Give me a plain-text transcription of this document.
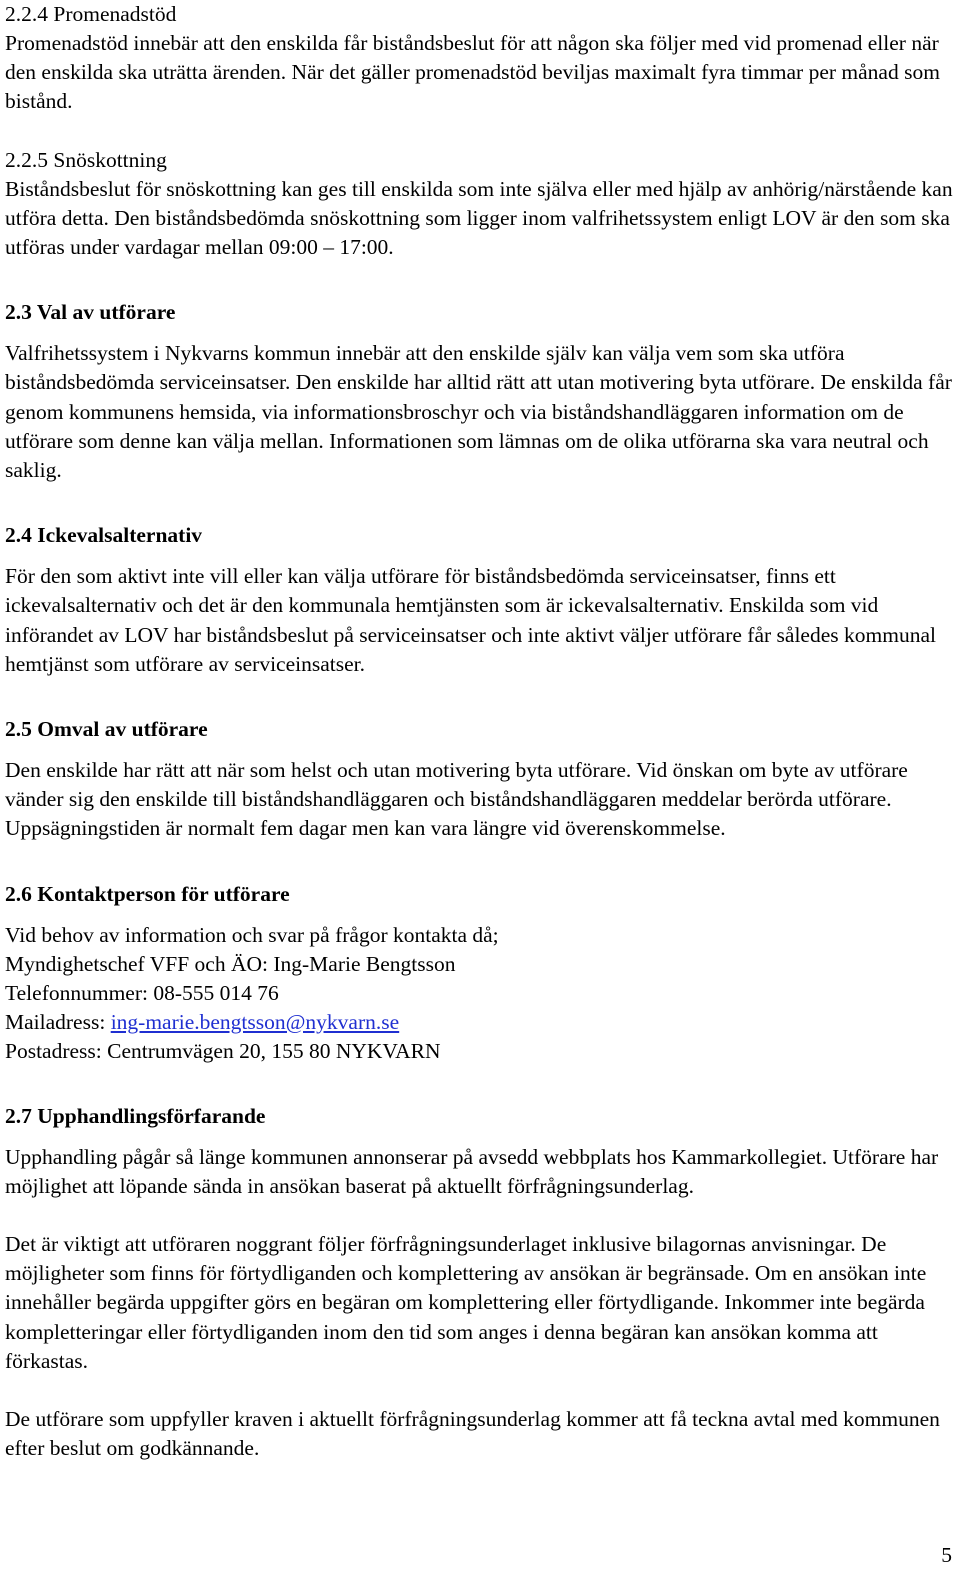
2.2.4 Promenadstöd

Promenadstöd innebär att den enskilda får biståndsbeslut för att någon ska följer med vid promenad eller när den enskilda ska uträtta ärenden. När det gäller promenadstöd beviljas maximalt fyra timmar per månad som bistånd.

2.2.5 Snöskottning

Biståndsbeslut för snöskottning kan ges till enskilda som inte själva eller med hjälp av anhörig/närstående kan utföra detta. Den biståndsbedömda snöskottning som ligger inom valfrihetssystem enligt LOV är den som ska utföras under vardagar mellan 09:00 – 17:00.

2.3 Val av utförare

Valfrihetssystem i Nykvarns kommun innebär att den enskilde själv kan välja vem som ska utföra biståndsbedömda serviceinsatser. Den enskilde har alltid rätt att utan motivering byta utförare. De enskilda får genom kommunens hemsida, via informationsbroschyr och via biståndshandläggaren information om de utförare som denne kan välja mellan. Informationen som lämnas om de olika utförarna ska vara neutral och saklig.

2.4 Ickevalsalternativ

För den som aktivt inte vill eller kan välja utförare för biståndsbedömda serviceinsatser, finns ett ickevalsalternativ och det är den kommunala hemtjänsten som är ickevalsalternativ. Enskilda som vid införandet av LOV har biståndsbeslut på serviceinsatser och inte aktivt väljer utförare får således kommunal hemtjänst som utförare av serviceinsatser.

2.5 Omval av utförare

Den enskilde har rätt att när som helst och utan motivering byta utförare. Vid önskan om byte av utförare vänder sig den enskilde till biståndshandläggaren och biståndshandläggaren meddelar berörda utförare. Uppsägningstiden är normalt fem dagar men kan vara längre vid överenskommelse.

2.6 Kontaktperson för utförare
Vid behov av information och svar på frågor kontakta då;
Myndighetschef VFF och ÄO: Ing-Marie Bengtsson
Telefonnummer: 08-555 014 76
Mailadress: ing-marie.bengtsson@nykvarn.se
Postadress: Centrumvägen 20, 155 80 NYKVARN
2.7 Upphandlingsförfarande

Upphandling pågår så länge kommunen annonserar på avsedd webbplats hos Kammarkollegiet. Utförare har möjlighet att löpande sända in ansökan baserat på aktuellt förfrågningsunderlag.

Det är viktigt att utföraren noggrant följer förfrågningsunderlaget inklusive bilagornas anvisningar. De möjligheter som finns för förtydliganden och komplettering av ansökan är begränsade. Om en ansökan inte innehåller begärda uppgifter görs en begäran om komplettering eller förtydligande. Inkommer inte begärda kompletteringar eller förtydliganden inom den tid som anges i denna begäran kan ansökan komma att förkastas.

De utförare som uppfyller kraven i aktuellt förfrågningsunderlag kommer att få teckna avtal med kommunen efter beslut om godkännande.

5
